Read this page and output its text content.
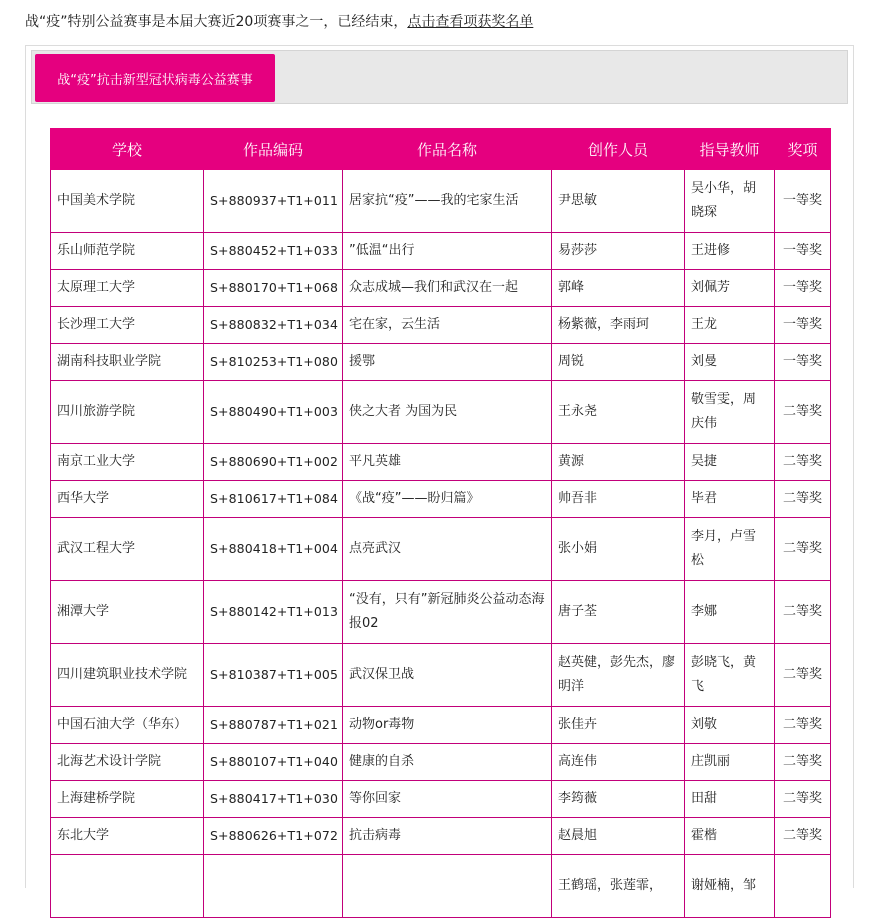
战“疫”特别公益赛事是本届大赛近20项赛事之一，已经结束，点击查看项获奖名单
战“疫”抗击新型冠状病毒公益赛事
学校	作品编码	作品名称	创作人员	指导教师	奖项
中国美术学院	S+880937+T1+011	居家抗“疫”——我的宅家生活	尹思敏	吴小华，胡晓琛	一等奖
乐山师范学院	S+880452+T1+033	”低温“出行	易莎莎	王进修	一等奖
太原理工大学	S+880170+T1+068	众志成城—我们和武汉在一起	郭峰	刘佩芳	一等奖
长沙理工大学	S+880832+T1+034	宅在家，云生活	杨紫薇，李雨珂	王龙	一等奖
湖南科技职业学院	S+810253+T1+080	援鄂	周锐	刘曼	一等奖
四川旅游学院	S+880490+T1+003	侠之大者 为国为民	王永尧	敬雪雯，周庆伟	二等奖
南京工业大学	S+880690+T1+002	平凡英雄	黄源	吴捷	二等奖
西华大学	S+810617+T1+084	《战“疫”——盼归篇》	帅吾非	毕君	二等奖
武汉工程大学	S+880418+T1+004	点亮武汉	张小娟	李月，卢雪松	二等奖
湘潭大学	S+880142+T1+013	“没有，只有”新冠肺炎公益动态海报02	唐子荃	李娜	二等奖
四川建筑职业技术学院	S+810387+T1+005	武汉保卫战	赵英健，彭先杰，廖明洋	彭晓飞，黄飞	二等奖
中国石油大学（华东）	S+880787+T1+021	动物or毒物	张佳卉	刘敬	二等奖
北海艺术设计学院	S+880107+T1+040	健康的自杀	高连伟	庄凯丽	二等奖
上海建桥学院	S+880417+T1+030	等你回家	李筠薇	田甜	二等奖
东北大学	S+880626+T1+072	抗击病毒	赵晨旭	霍楷	二等奖
			王鹤瑶，张莲霏，	谢娅楠，邹	
